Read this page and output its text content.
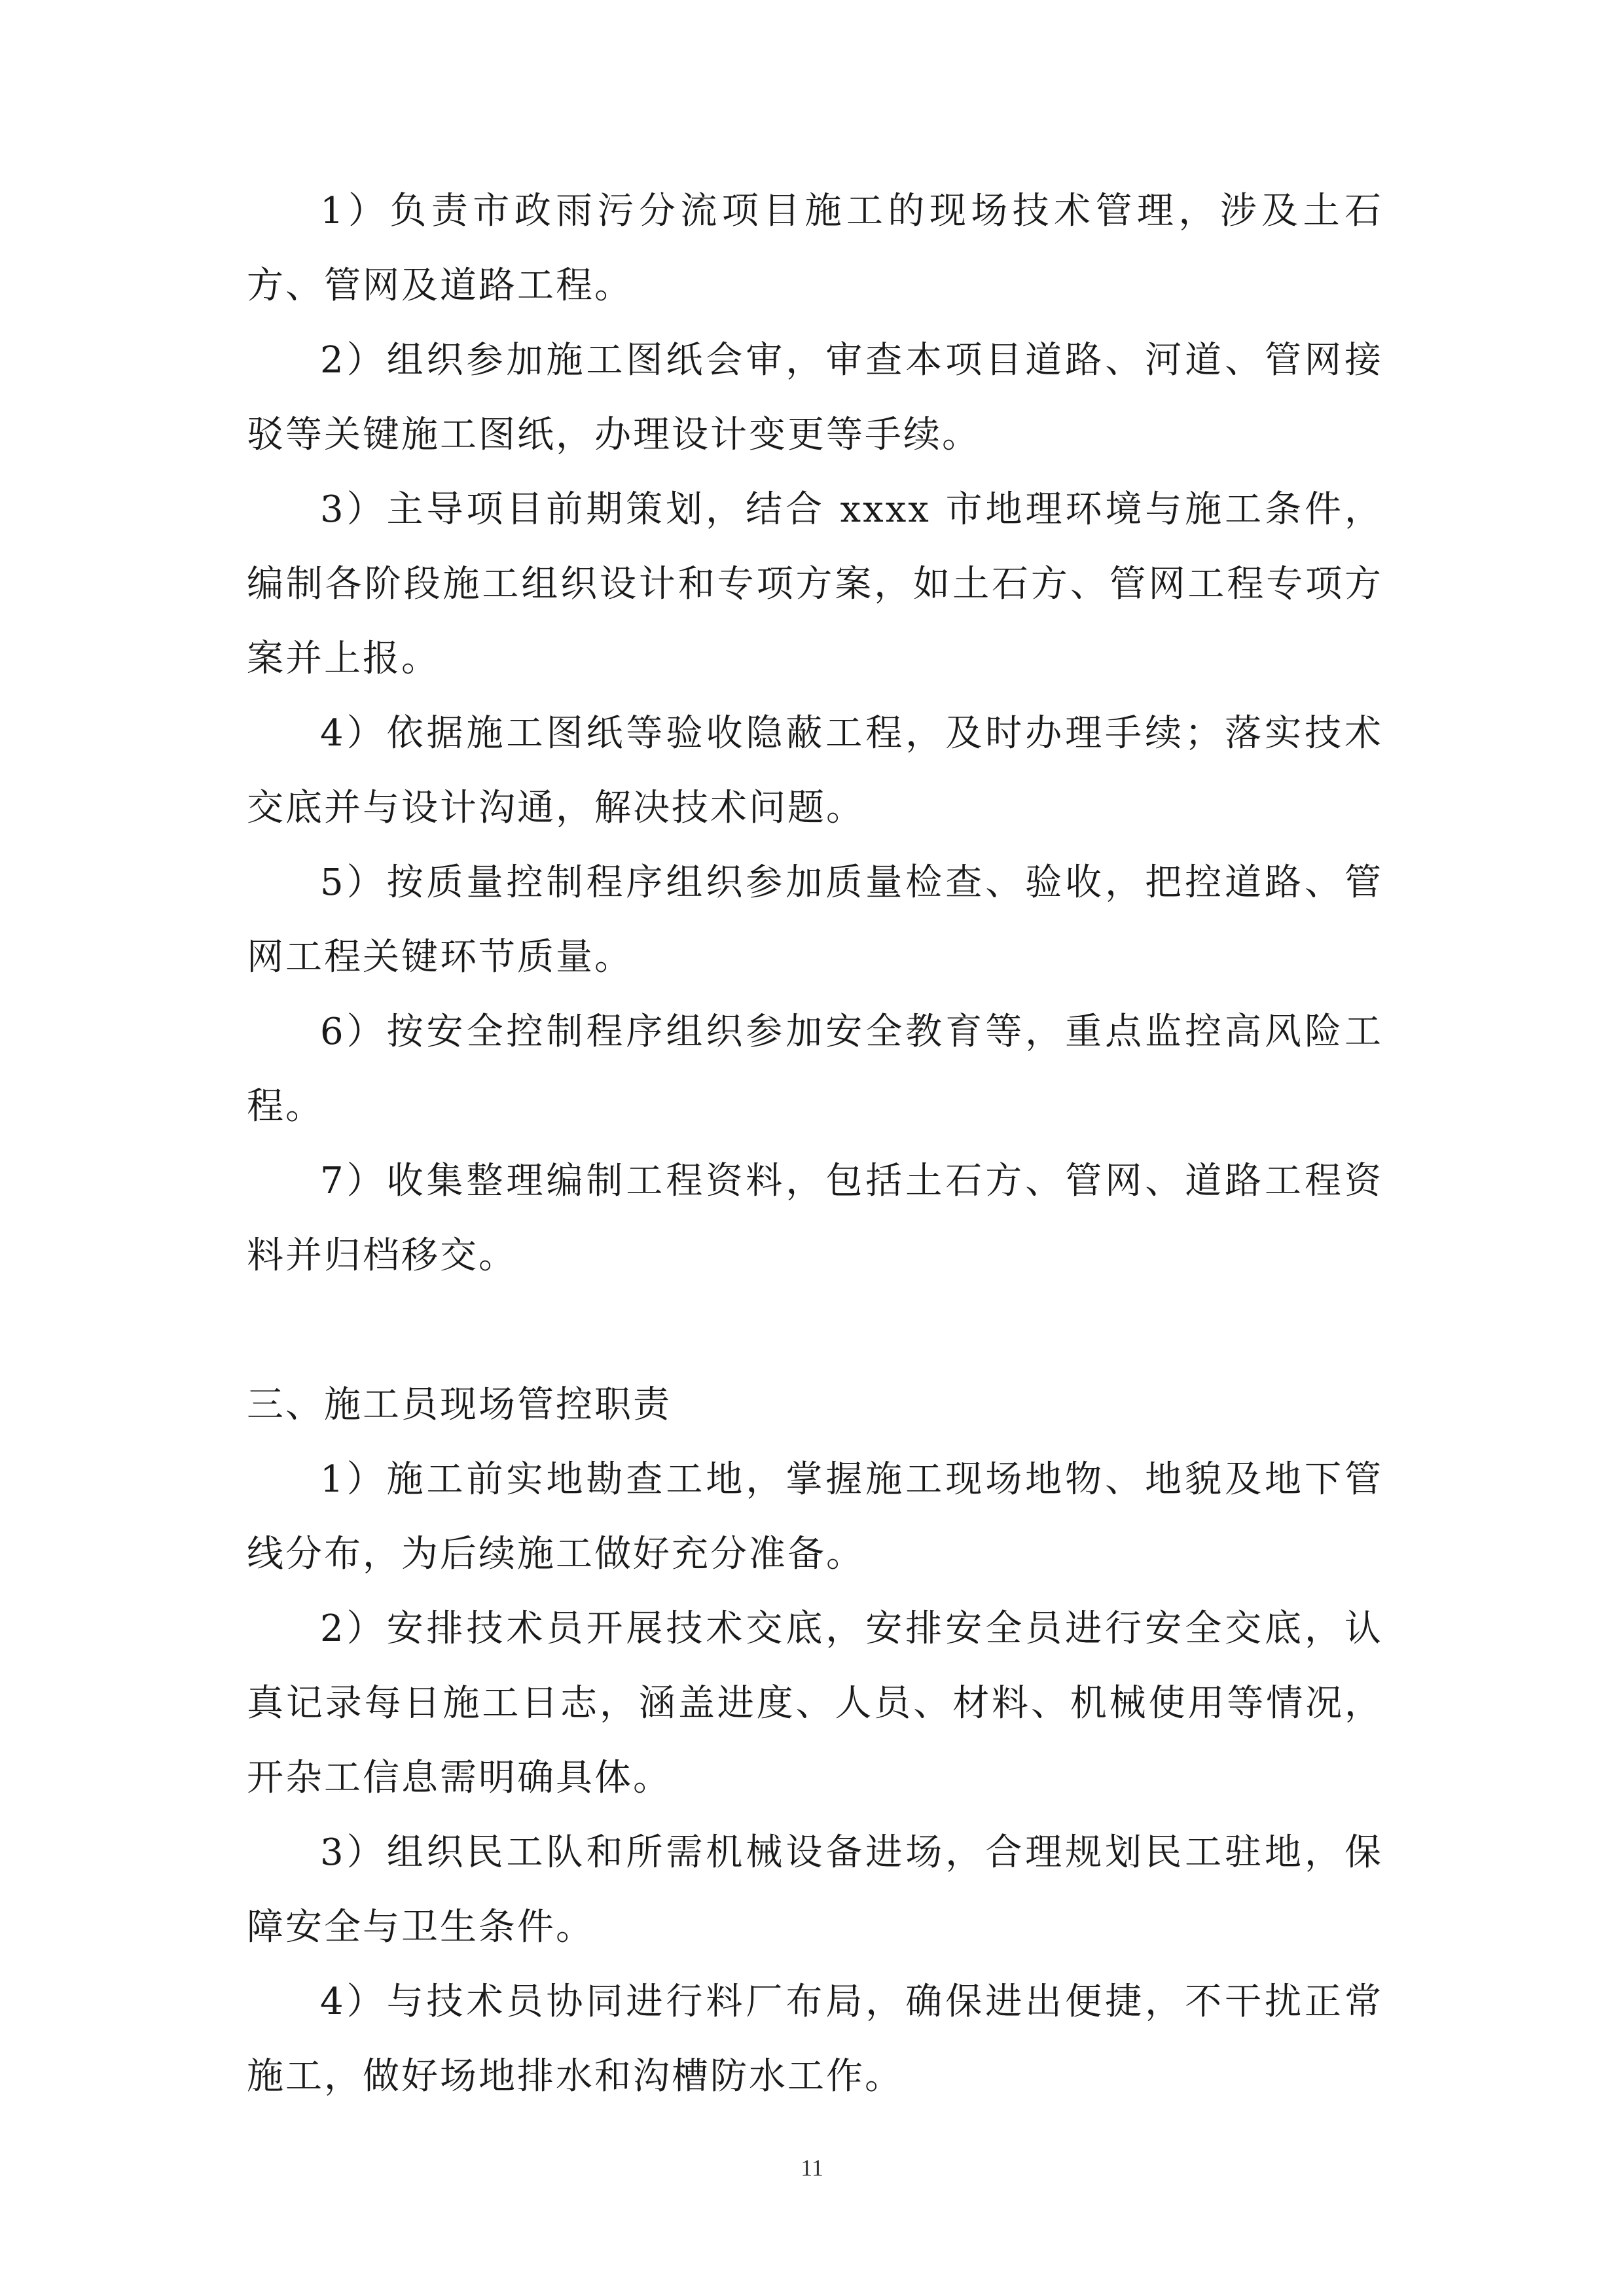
1）负责市政雨污分流项目施工的现场技术管理，涉及土石方、管网及道路工程。

2）组织参加施工图纸会审，审查本项目道路、河道、管网接驳等关键施工图纸，办理设计变更等手续。

3）主导项目前期策划，结合 xxxx 市地理环境与施工条件，编制各阶段施工组织设计和专项方案，如土石方、管网工程专项方案并上报。

4）依据施工图纸等验收隐蔽工程，及时办理手续；落实技术交底并与设计沟通，解决技术问题。

5）按质量控制程序组织参加质量检查、验收，把控道路、管网工程关键环节质量。

6）按安全控制程序组织参加安全教育等，重点监控高风险工程。

7）收集整理编制工程资料，包括土石方、管网、道路工程资料并归档移交。

三、施工员现场管控职责

1）施工前实地勘查工地，掌握施工现场地物、地貌及地下管线分布，为后续施工做好充分准备。

2）安排技术员开展技术交底，安排安全员进行安全交底，认真记录每日施工日志，涵盖进度、人员、材料、机械使用等情况，开杂工信息需明确具体。

3）组织民工队和所需机械设备进场，合理规划民工驻地，保障安全与卫生条件。

4）与技术员协同进行料厂布局，确保进出便捷，不干扰正常施工，做好场地排水和沟槽防水工作。

11
